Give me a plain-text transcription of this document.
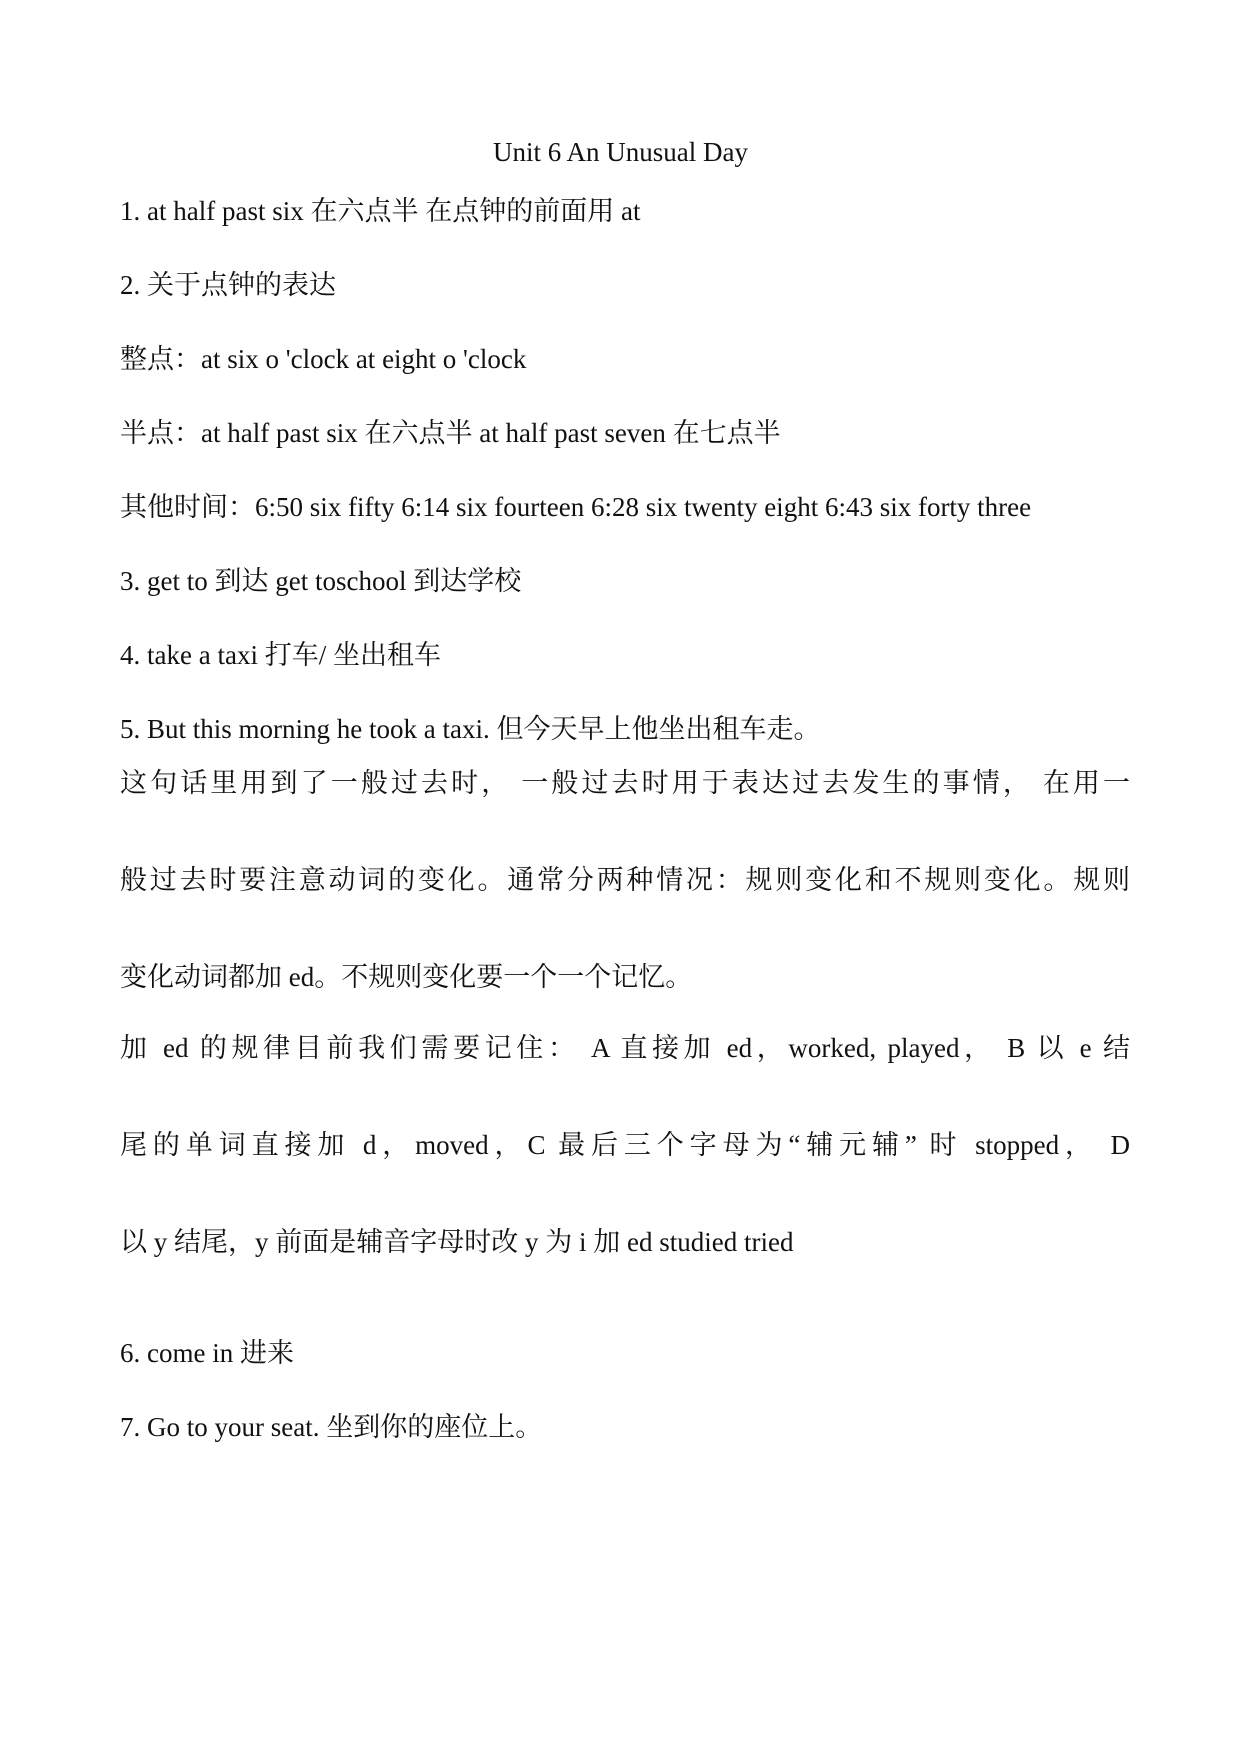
Unit 6 An Unusual Day
1. at half past six 在六点半 在点钟的前面用 at
2. 关于点钟的表达
整点：at six o 'clock at eight o 'clock
半点：at half past six 在六点半 at half past seven 在七点半
其他时间：6:50 six fifty 6:14 six fourteen 6:28 six twenty eight 6:43 six forty three
3. get to 到达 get toschool 到达学校
4. take a taxi 打车/ 坐出租车
5. But this morning he took a taxi. 但今天早上他坐出租车走。
这句话里用到了一般过去时， 一般过去时用于表达过去发生的事情， 在用一
般过去时要注意动词的变化。通常分两种情况：规则变化和不规则变化。规则
变化动词都加 ed。不规则变化要一个一个记忆。
加 ed 的规律目前我们需要记住： A 直接加 ed，worked, played， B 以 e 结
尾的单词直接加 d，moved，C 最后三个字母为“辅元辅” 时 stopped， D
以 y 结尾，y 前面是辅音字母时改 y 为 i 加 ed studied tried
6. come in 进来
7. Go to your seat. 坐到你的座位上。
